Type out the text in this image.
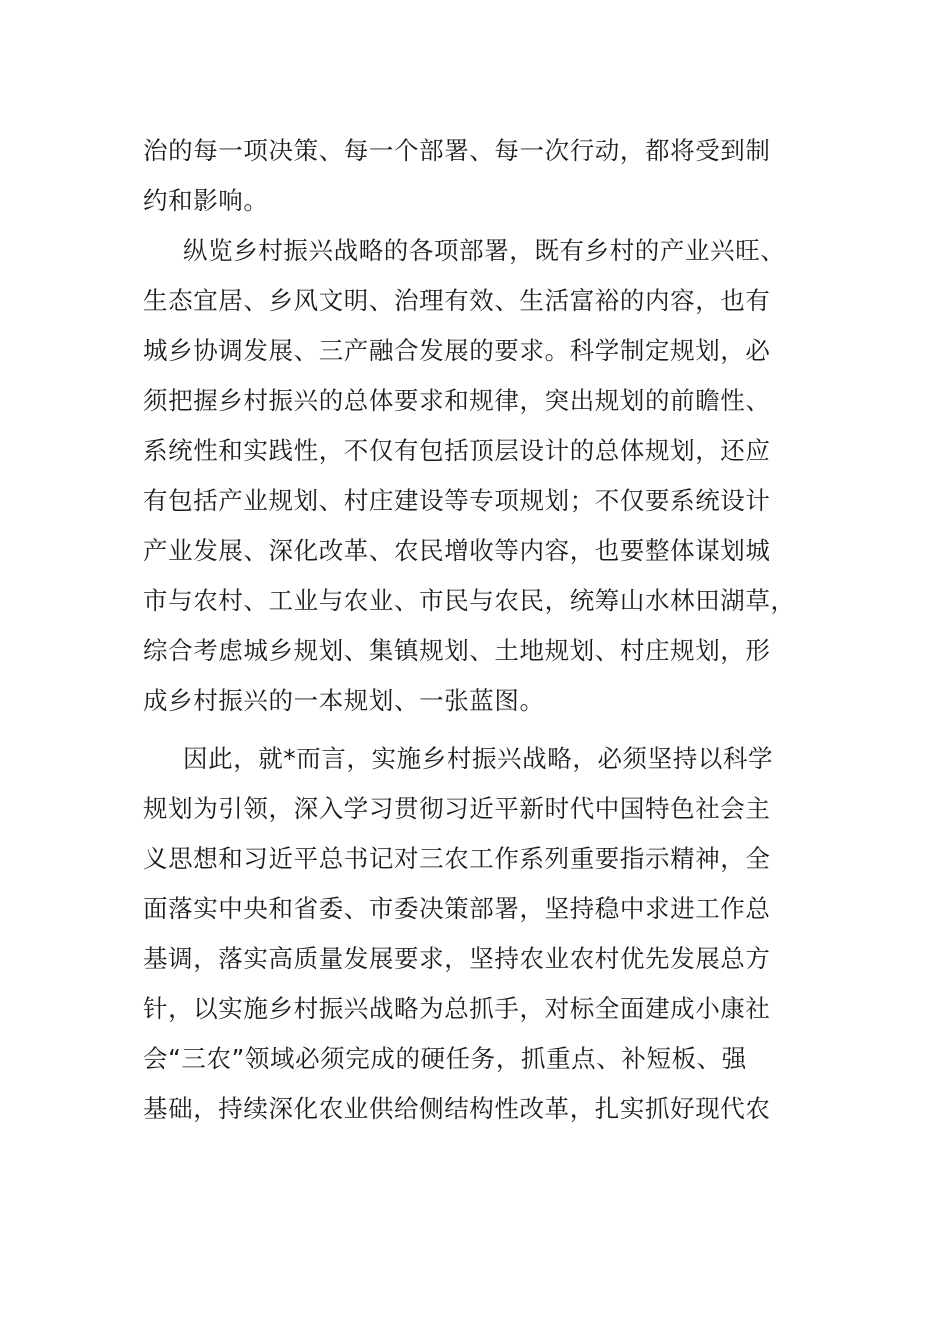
治的每一项决策、每一个部署、每一次行动，都将受到制
约和影响。
纵览乡村振兴战略的各项部署，既有乡村的产业兴旺、
生态宜居、乡风文明、治理有效、生活富裕的内容，也有
城乡协调发展、三产融合发展的要求。科学制定规划，必
须把握乡村振兴的总体要求和规律，突出规划的前瞻性、
系统性和实践性，不仅有包括顶层设计的总体规划，还应
有包括产业规划、村庄建设等专项规划；不仅要系统设计
产业发展、深化改革、农民增收等内容，也要整体谋划城
市与农村、工业与农业、市民与农民，统筹山水林田湖草，
综合考虑城乡规划、集镇规划、土地规划、村庄规划，形
成乡村振兴的一本规划、一张蓝图。
因此，就*而言，实施乡村振兴战略，必须坚持以科学
规划为引领，深入学习贯彻习近平新时代中国特色社会主
义思想和习近平总书记对三农工作系列重要指示精神，全
面落实中央和省委、市委决策部署，坚持稳中求进工作总
基调，落实高质量发展要求，坚持农业农村优先发展总方
针，以实施乡村振兴战略为总抓手，对标全面建成小康社
会“三农”领域必须完成的硬任务，抓重点、补短板、强
基础，持续深化农业供给侧结构性改革，扎实抓好现代农
